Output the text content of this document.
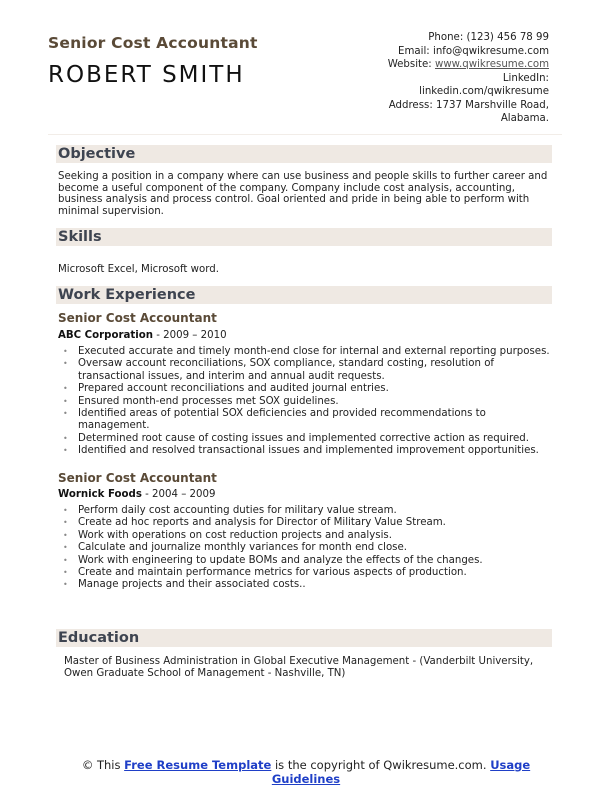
Senior Cost Accountant
ROBERT SMITH
Phone: (123) 456 78 99
Email: info@qwikresume.com
Website: www.qwikresume.com
LinkedIn:
linkedin.com/qwikresume
Address: 1737 Marshville Road,
Alabama.
Objective
Seeking a position in a company where can use business and people skills to further career and become a useful component of the company. Company include cost analysis, accounting, business analysis and process control. Goal oriented and pride in being able to perform with minimal supervision.
Skills
Microsoft Excel, Microsoft word.
Work Experience
Senior Cost Accountant
ABC Corporation - 2009 – 2010
• Executed accurate and timely month-end close for internal and external reporting purposes.
• Oversaw account reconciliations, SOX compliance, standard costing, resolution of transactional issues, and interim and annual audit requests.
• Prepared account reconciliations and audited journal entries.
• Ensured month-end processes met SOX guidelines.
• Identified areas of potential SOX deficiencies and provided recommendations to management.
• Determined root cause of costing issues and implemented corrective action as required.
• Identified and resolved transactional issues and implemented improvement opportunities.
Senior Cost Accountant
Wornick Foods - 2004 – 2009
• Perform daily cost accounting duties for military value stream.
• Create ad hoc reports and analysis for Director of Military Value Stream.
• Work with operations on cost reduction projects and analysis.
• Calculate and journalize monthly variances for month end close.
• Work with engineering to update BOMs and analyze the effects of the changes.
• Create and maintain performance metrics for various aspects of production.
• Manage projects and their associated costs..
Education
Master of Business Administration in Global Executive Management - (Vanderbilt University, Owen Graduate School of Management - Nashville, TN)
© This Free Resume Template is the copyright of Qwikresume.com. Usage Guidelines
